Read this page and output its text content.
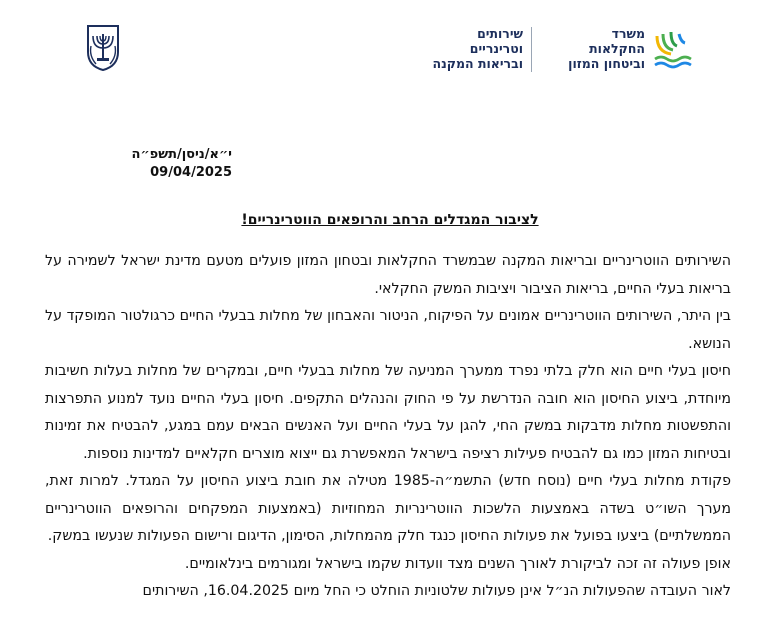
שירותים
וטרינריים
ובריאות המקנה
משרד
החקלאות
וביטחון המזון
י״א/ניסן/תשפ״ה
09/04/2025
לציבור המגדלים הרחב והרופאים הווטרינריים!

השירותים הווטרינריים ובריאות המקנה שבמשרד החקלאות ובטחון המזון פועלים מטעם מדינת ישראל לשמירה על בריאות בעלי החיים, בריאות הציבור ויציבות המשק החקלאי.

בין היתר, השירותים הווטרינריים אמונים על הפיקוח, הניטור והאבחון של מחלות בבעלי החיים כרגולטור המופקד על הנושא.

חיסון בעלי חיים הוא חלק בלתי נפרד ממערך המניעה של מחלות בבעלי חיים, ובמקרים של מחלות בעלות חשיבות מיוחדת, ביצוע החיסון הוא חובה הנדרשת על פי החוק והנהלים התקפים. חיסון בעלי החיים נועד למנוע התפרצות והתפשטות מחלות מדבקות במשק החי, להגן על בעלי החיים ועל האנשים הבאים עמם במגע, להבטיח את זמינות ובטיחות המזון כמו גם להבטיח פעילות רציפה בישראל המאפשרת גם ייצוא מוצרים חקלאיים למדינות נוספות.

פקודת מחלות בעלי חיים (נוסח חדש) התשמ״ה-1985 מטילה את חובת ביצוע החיסון על המגדל. למרות זאת, מערך השו״ט בשדה באמצעות הלשכות הווטרינריות המחוזיות (באמצעות המפקחים והרופאים הווטרינריים הממשלתיים) ביצעו בפועל את פעולות החיסון כנגד חלק מהמחלות, הסימון, הדיגום ורישום הפעולות שנעשו במשק.

אופן פעולה זה זכה לביקורת לאורך השנים מצד וועדות שקמו בישראל ומגורמים בינלאומיים.

לאור העובדה שהפעולות הנ״ל אינן פעולות שלטוניות הוחלט כי החל מיום 16.04.2025, השירותים
